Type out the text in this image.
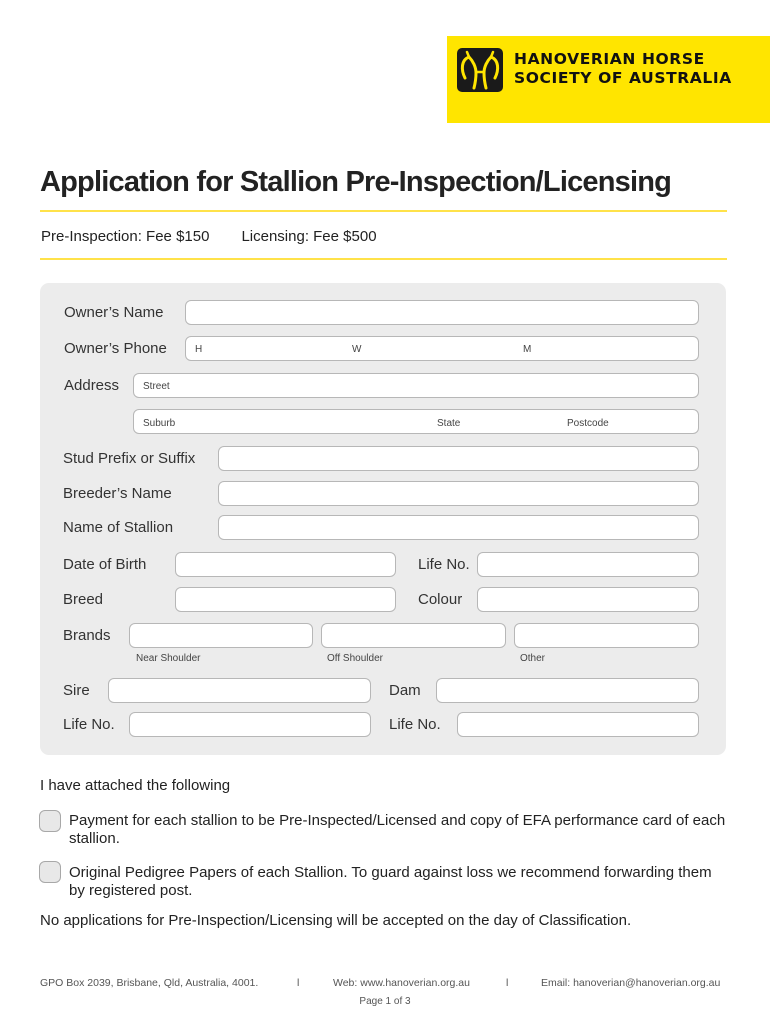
HANOVERIAN HORSE
SOCIETY OF AUSTRALIA
Application for Stallion Pre-Inspection/Licensing
Pre-Inspection: Fee $150 Licensing: Fee $500
Owner’s Name
Owner’s Phone	H	W	M
Address Street
Suburb	State	Postcode
Stud Prefix or Suffix
Breeder’s Name
Name of Stallion
Date of Birth	Life No.
Breed	Colour
Brands
Near Shoulder	Off Shoulder	Other
Sire	Dam
Life No.	Life No.
I have attached the following
Payment for each stallion to be Pre-Inspected/Licensed and copy of EFA performance card of each stallion.
Original Pedigree Papers of each Stallion. To guard against loss we recommend forwarding them by registered post.
No applications for Pre-Inspection/Licensing will be accepted on the day of Classification.
GPO Box 2039, Brisbane, Qld, Australia, 4001.	l	Web: www.hanoverian.org.au	l	Email: hanoverian@hanoverian.org.au
Page 1 of 3
